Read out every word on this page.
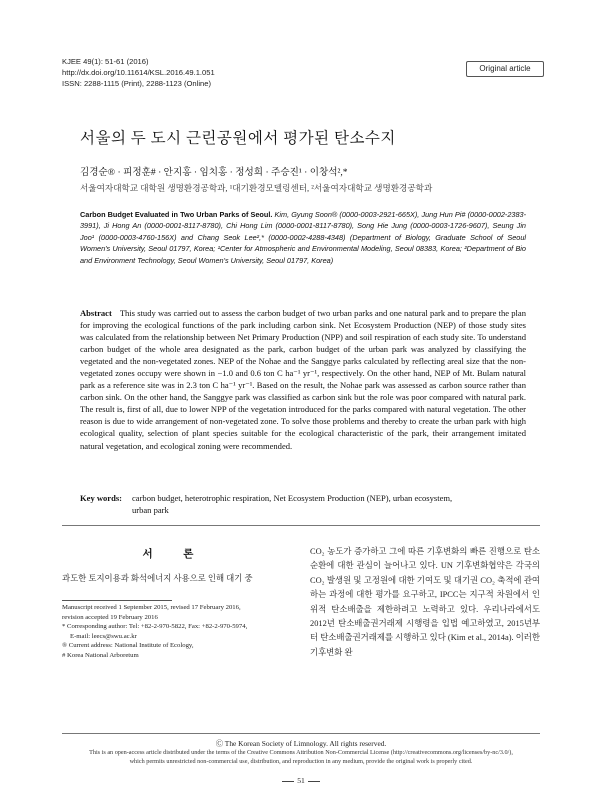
KJEE 49(1): 51-61 (2016)
http://dx.doi.org/10.11614/KSL.2016.49.1.051
ISSN: 2288-1115 (Print), 2288-1123 (Online)
Original article
서울의 두 도시 근린공원에서 평가된 탄소수지
김경순® · 피정훈# · 안지홍 · 임치홍 · 정성희 · 주승진¹ · 이창석²,*
서울여자대학교 대학원 생명환경공학과, ¹대기환경모델링센터, ²서울여자대학교 생명환경공학과
Carbon Budget Evaluated in Two Urban Parks of Seoul. Kim, Gyung Soon® (0000-0003-2921-665X), Jung Hun Pi# (0000-0002-2383-3991), Ji Hong An (0000-0001-8117-8780), Chi Hong Lim (0000-0001-8117-8780), Song Hie Jung (0000-0003-1726-9607), Seung Jin Joo¹ (0000-0003-4760-156X) and Chang Seok Lee²,* (0000-0002-4288-4348) (Department of Biology, Graduate School of Seoul Women's University, Seoul 01797, Korea; ¹Center for Atmospheric and Environmental Modeling, Seoul 08383, Korea; ²Department of Bio and Environment Technology, Seoul Women's University, Seoul 01797, Korea)
Abstract This study was carried out to assess the carbon budget of two urban parks and one natural park and to prepare the plan for improving the ecological functions of the park including carbon sink. Net Ecosystem Production (NEP) of those study sites was calculated from the relationship between Net Primary Production (NPP) and soil respiration of each study site. To understand carbon budget of the whole area designated as the park, carbon budget of the urban park was analyzed by classifying the vegetated and the non-vegetated zones. NEP of the Nohae and the Sanggye parks calculated by reflecting areal size that the non-vegetated zones occupy were shown in −1.0 and 0.6 ton C ha⁻¹ yr⁻¹, respectively. On the other hand, NEP of Mt. Bulam natural park as a reference site was in 2.3 ton C ha⁻¹ yr⁻¹. Based on the result, the Nohae park was assessed as carbon source rather than carbon sink. On the other hand, the Sanggye park was classified as carbon sink but the role was poor compared with natural park. The result is, first of all, due to lower NPP of the vegetation introduced for the parks compared with natural vegetation. The other reason is due to wide arrangement of non-vegetated zone. To solve those problems and thereby to create the urban park with high ecological quality, selection of plant species suitable for the ecological characteristic of the park, their arrangement imitated natural vegetation, and ecological zoning were recommended.
Key words: carbon budget, heterotrophic respiration, Net Ecosystem Production (NEP), urban ecosystem,
urban park
서 론
과도한 토지이용과 화석에너지 사용으로 인해 대기 중
Manuscript received 1 September 2015, revised 17 February 2016,
revision accepted 19 February 2016
* Corresponding author: Tel: +82-2-970-5822, Fax: +82-2-970-5974,
E-mail: leecs@swu.ac.kr
® Current address: National Institute of Ecology,
# Korea National Arboretum

CO₂ 농도가 증가하고 그에 따른 기후변화의 빠른 진행으로 탄소순환에 대한 관심이 늘어나고 있다. UN 기후변화협약은 각국의 CO₂ 발생원 및 고정원에 대한 기여도 및 대기권 CO₂ 축적에 관여하는 과정에 대한 평가를 요구하고, IPCC는 지구적 차원에서 인위적 탄소배출을 제한하려고 노력하고 있다. 우리나라에서도 2012년 탄소배출권거래제 시행령을 입법 예고하였고, 2015년부터 탄소배출권거래제를 시행하고 있다 (Kim et al., 2014a). 이러한 기후변화 완

Ⓒ The Korean Society of Limnology. All rights reserved.
This is an open-access article distributed under the terms of the Creative Commons Attribution Non-Commercial License (http://creativecommons.org/licenses/by-nc/3.0/),
which permits unrestricted non-commercial use, distribution, and reproduction in any medium, provide the original work is properly cited.
51
